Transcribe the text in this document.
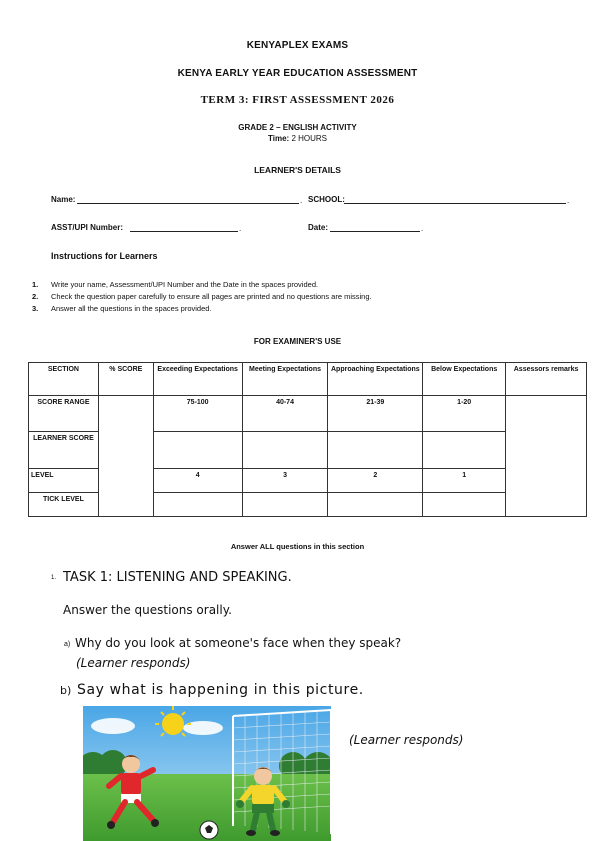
KENYAPLEX EXAMS
KENYA EARLY YEAR EDUCATION ASSESSMENT
TERM 3: FIRST ASSESSMENT 2026
GRADE 2 – ENGLISH ACTIVITY
Time: 2 HOURS
LEARNER'S DETAILS
Name:	. SCHOOL:	.
ASST/UPI Number:	.	Date:	.
Instructions for Learners
1. Write your name, Assessment/UPI Number and the Date in the spaces provided.
2. Check the question paper carefully to ensure all pages are printed and no questions are missing.
3. Answer all the questions in the spaces provided.
FOR EXAMINER'S USE
SECTION	% SCORE	Exceeding Expectations	Meeting Expectations	Approaching Expectations	Below Expectations	Assessors remarks
SCORE RANGE		75-100	40-74	21-39	1-20	
LEARNER SCORE						
LEVEL		4	3	2	1	
TICK LEVEL						
Answer ALL questions in this section
1. TASK 1: LISTENING AND SPEAKING.
Answer the questions orally.
a) Why do you look at someone's face when they speak?
(Learner responds)
b) Say what is happening in this picture.
(Learner responds)
